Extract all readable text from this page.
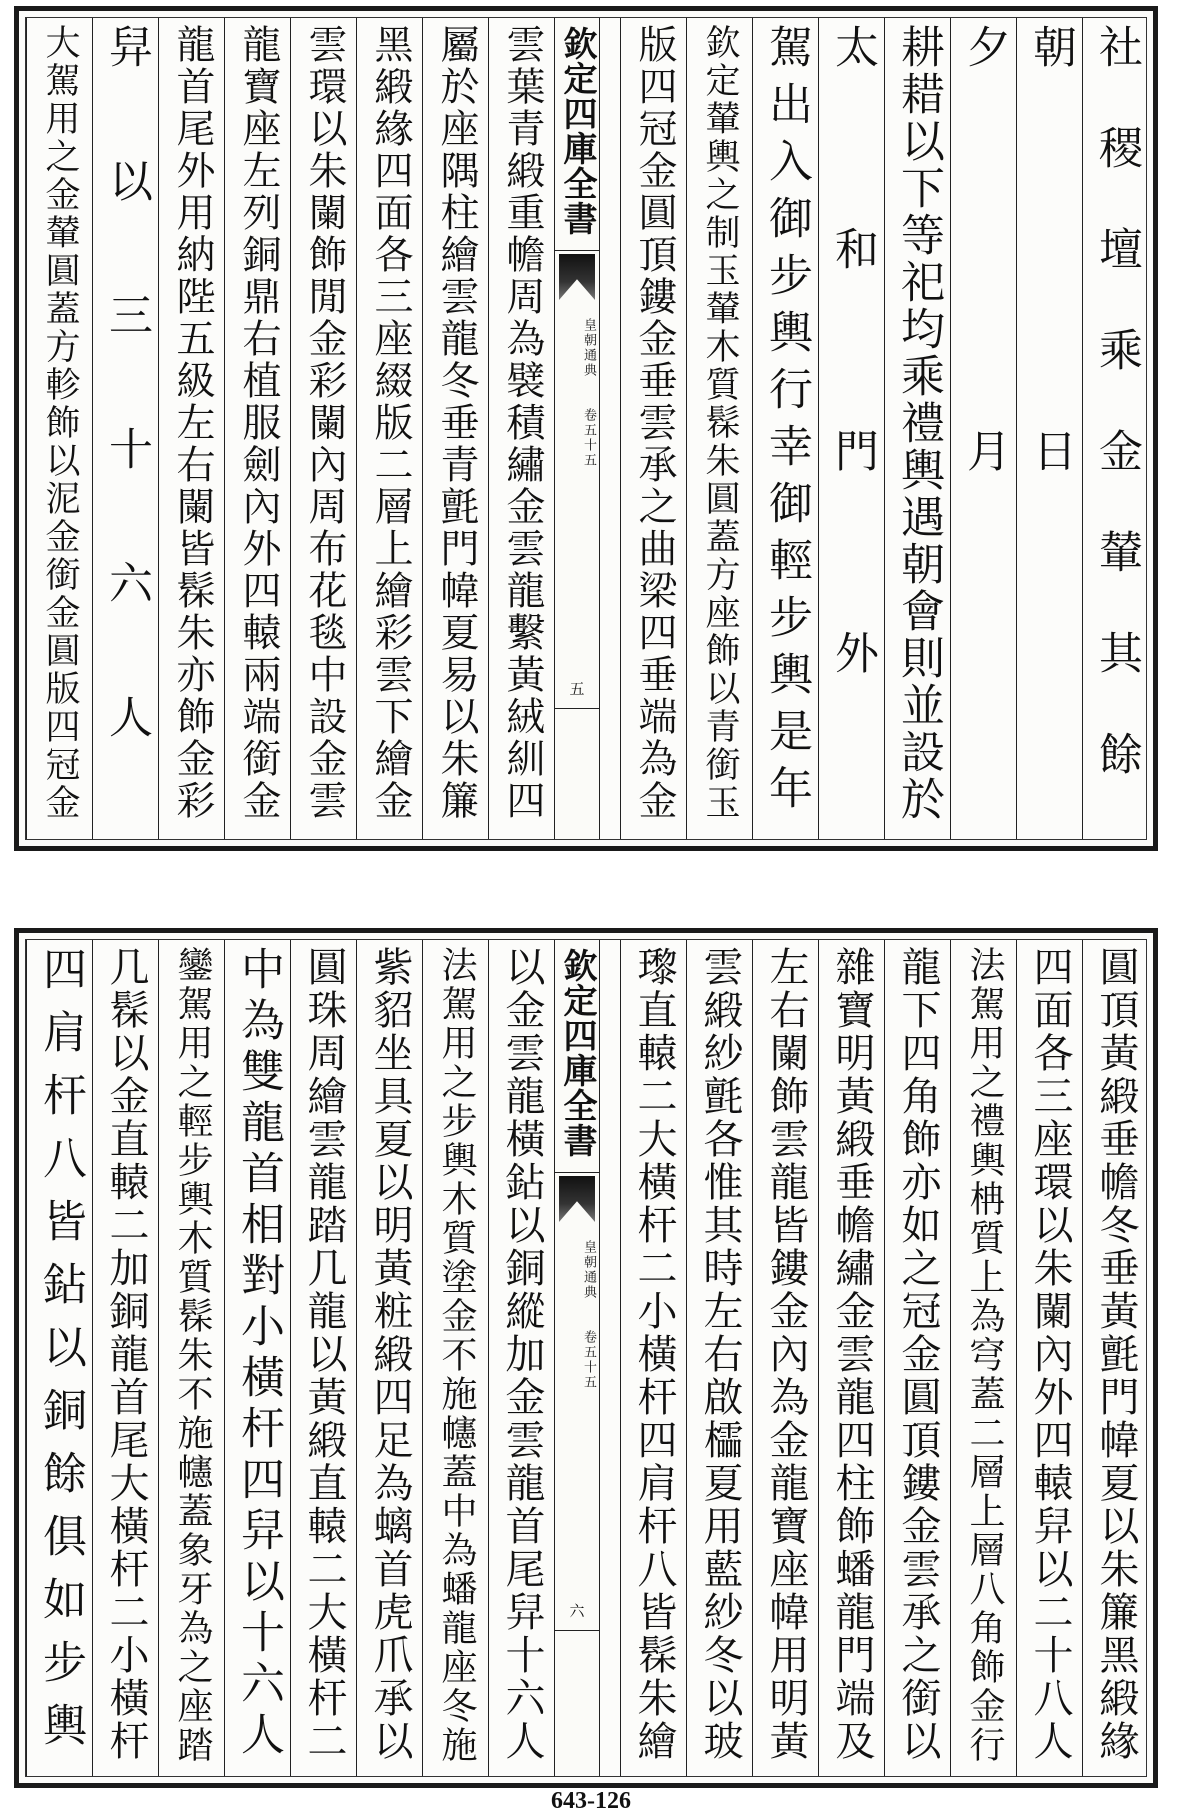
社稷壇乘金輦其餘
朝日
夕月
耕耤以下等祀均乘禮輿遇朝會則並設於
太和門外
駕出入御步輿行幸御輕步輿是年
欽定輦輿之制玉輦木質髹朱圓蓋方座飾以青銜玉
版四冠金圓頂鏤金垂雲承之曲梁四垂端為金
雲葉青緞重幨周為襞積繡金雲龍繫黃絨紃四
屬於座隅柱繪雲龍冬垂青氈門幃夏易以朱簾
黑緞緣四面各三座綴版二層上繪彩雲下繪金
雲環以朱闌飾閒金彩闌內周布花毯中設金雲
龍寶座左列銅鼎右植服劍內外四轅兩端銜金
龍首尾外用納陛五級左右闌皆髹朱亦飾金彩
舁以三十六人
大駕用之金輦圓蓋方軫飾以泥金銜金圓版四冠金	欽定四庫全書
皇朝通典
卷五十五
五
圓頂黃緞垂幨冬垂黃氈門幃夏以朱簾黑緞緣
四面各三座環以朱闌內外四轅舁以二十八人
法駕用之禮輿柟質上為穹蓋二層上層八角飾金行
龍下四角飾亦如之冠金圓頂鏤金雲承之銜以
雜寶明黃緞垂幨繡金雲龍四柱飾蟠龍門端及
左右闌飾雲龍皆鏤金內為金龍寶座幃用明黃
雲緞紗氈各惟其時左右啟櫺夏用藍紗冬以玻
瓈直轅二大橫杆二小橫杆四肩杆八皆髹朱繪
以金雲龍橫鉆以銅縱加金雲龍首尾舁十六人
法駕用之步輿木質塗金不施幰蓋中為蟠龍座冬施
紫貂坐具夏以明黃粧緞四足為螭首虎爪承以
圓珠周繪雲龍踏几龍以黃緞直轅二大橫杆二
中為雙龍首相對小橫杆四舁以十六人
鑾駕用之輕步輿木質髹朱不施幰蓋象牙為之座踏
几髹以金直轅二加銅龍首尾大橫杆二小橫杆
四肩杆八皆鉆以銅餘俱如步輿	欽定四庫全書
皇朝通典
卷五十五
六
643-126
